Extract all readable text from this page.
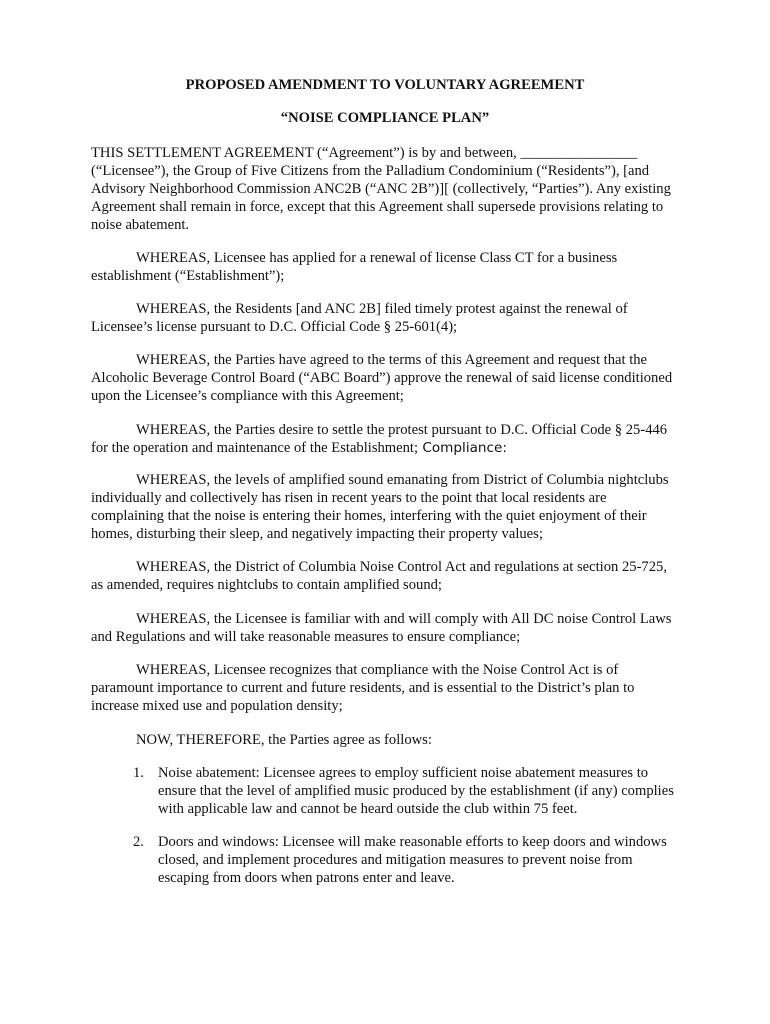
PROPOSED AMENDMENT TO VOLUNTARY AGREEMENT

“NOISE COMPLIANCE PLAN”

THIS SETTLEMENT AGREEMENT (“Agreement”) is by and between, ________________ (“Licensee”), the Group of Five Citizens from the Palladium Condominium (“Residents”), [and Advisory Neighborhood Commission ANC2B (“ANC 2B”)][ (collectively, “Parties”). Any existing Agreement shall remain in force, except that this Agreement shall supersede provisions relating to noise abatement.

WHEREAS, Licensee has applied for a renewal of license Class CT for a business establishment (“Establishment”);

WHEREAS, the Residents [and ANC 2B] filed timely protest against the renewal of Licensee’s license pursuant to D.C. Official Code § 25-601(4);

WHEREAS, the Parties have agreed to the terms of this Agreement and request that the Alcoholic Beverage Control Board (“ABC Board”) approve the renewal of said license conditioned upon the Licensee’s compliance with this Agreement;

WHEREAS, the Parties desire to settle the protest pursuant to D.C. Official Code § 25-446 for the operation and maintenance of the Establishment; Compliance:

WHEREAS, the levels of amplified sound emanating from District of Columbia nightclubs individually and collectively has risen in recent years to the point that local residents are complaining that the noise is entering their homes, interfering with the quiet enjoyment of their homes, disturbing their sleep, and negatively impacting their property values;

WHEREAS, the District of Columbia Noise Control Act and regulations at section 25-725, as amended, requires nightclubs to contain amplified sound;

WHEREAS, the Licensee is familiar with and will comply with All DC noise Control Laws and Regulations and will take reasonable measures to ensure compliance;

WHEREAS, Licensee recognizes that compliance with the Noise Control Act is of paramount importance to current and future residents, and is essential to the District’s plan to increase mixed use and population density;

NOW, THEREFORE, the Parties agree as follows:

1. Noise abatement: Licensee agrees to employ sufficient noise abatement measures to ensure that the level of amplified music produced by the establishment (if any) complies with applicable law and cannot be heard outside the club within 75 feet.
2. Doors and windows: Licensee will make reasonable efforts to keep doors and windows closed, and implement procedures and mitigation measures to prevent noise from escaping from doors when patrons enter and leave.
